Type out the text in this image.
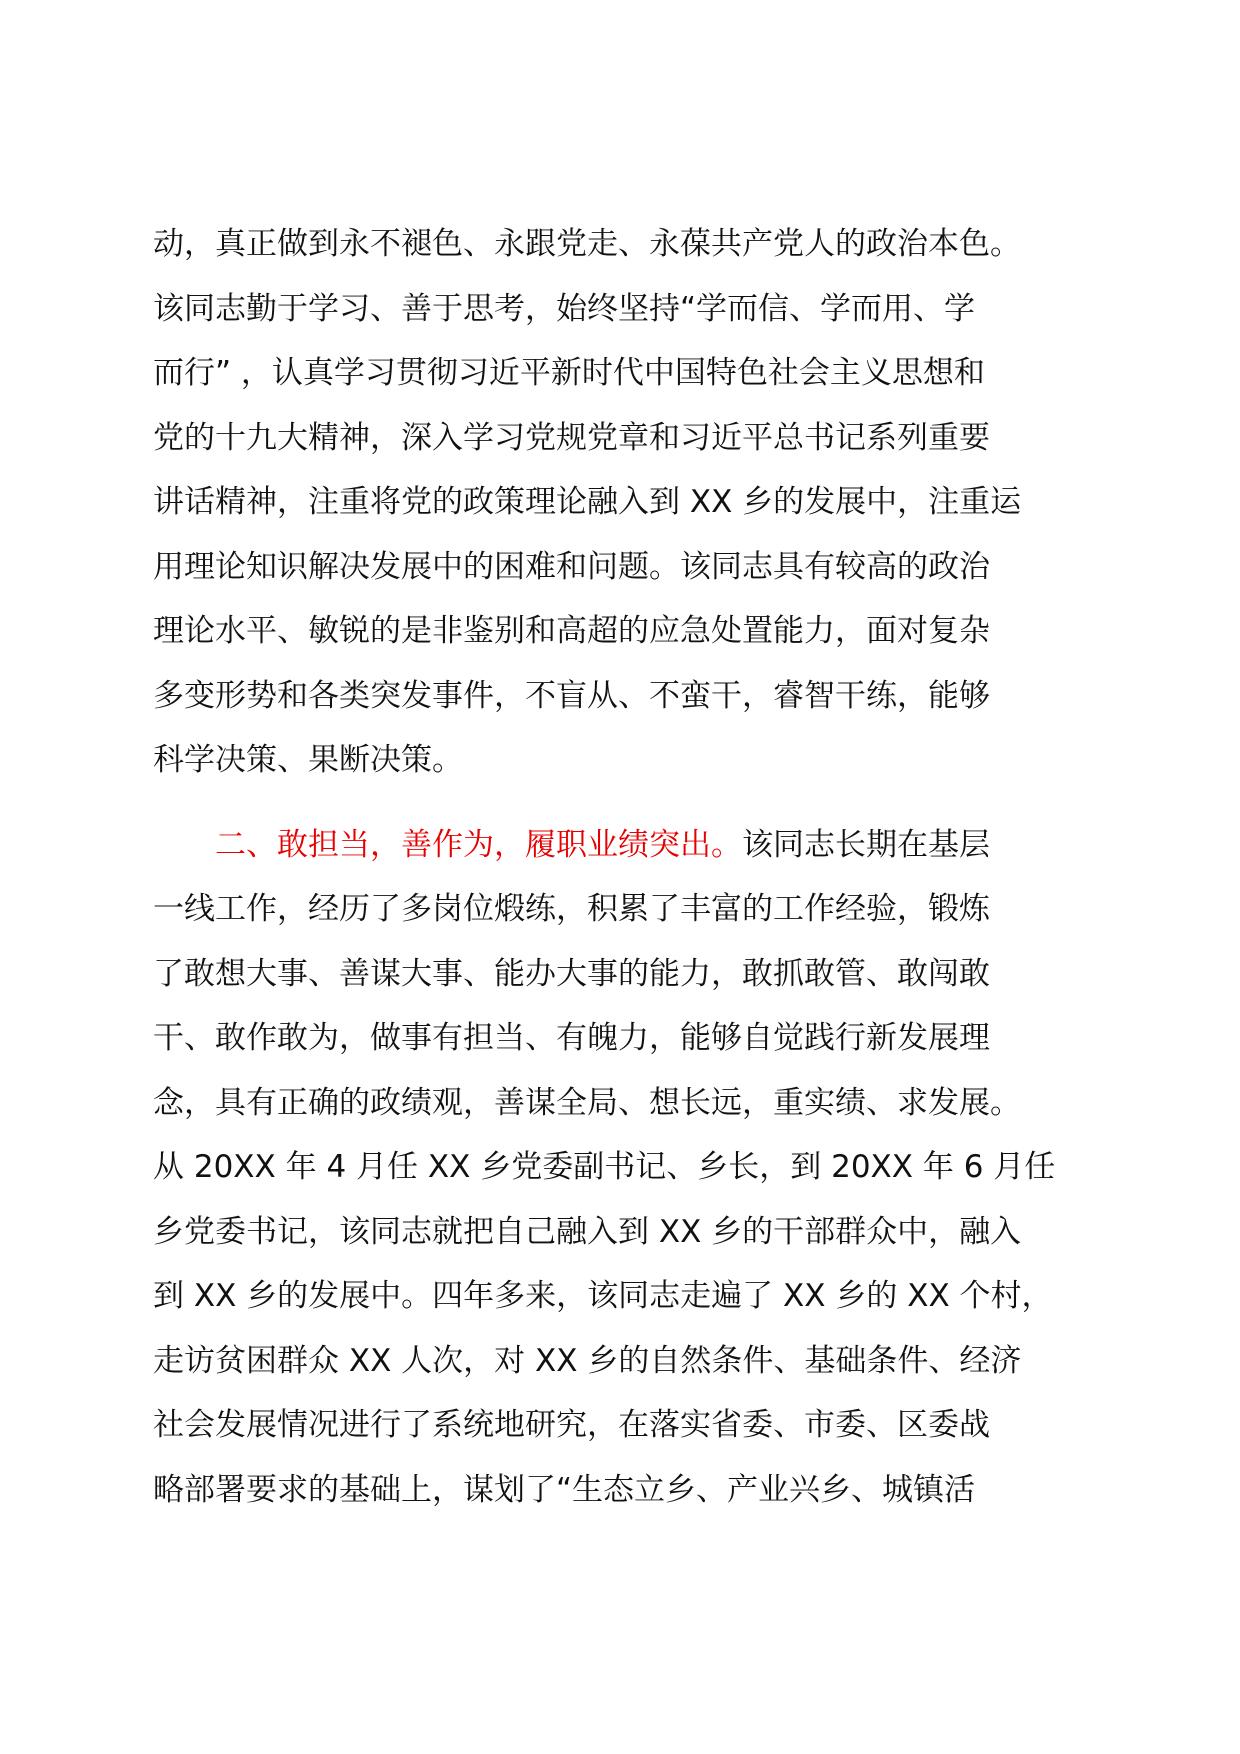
动，真正做到永不褪色、永跟党走、永葆共产党人的政治本色。
该同志勤于学习、善于思考，始终坚持“学而信、学而用、学
而行” ，认真学习贯彻习近平新时代中国特色社会主义思想和
党的十九大精神，深入学习党规党章和习近平总书记系列重要
讲话精神，注重将党的政策理论融入到 XX 乡的发展中，注重运
用理论知识解决发展中的困难和问题。该同志具有较高的政治
理论水平、敏锐的是非鉴别和高超的应急处置能力，面对复杂
多变形势和各类突发事件，不盲从、不蛮干，睿智干练，能够
科学决策、果断决策。
二、敢担当，善作为，履职业绩突出。该同志长期在基层
一线工作，经历了多岗位煅练，积累了丰富的工作经验，锻炼
了敢想大事、善谋大事、能办大事的能力，敢抓敢管、敢闯敢
干、敢作敢为，做事有担当、有魄力，能够自觉践行新发展理
念，具有正确的政绩观，善谋全局、想长远，重实绩、求发展。
从 20XX 年 4 月任 XX 乡党委副书记、乡长，到 20XX 年 6 月任
乡党委书记，该同志就把自己融入到 XX 乡的干部群众中，融入
到 XX 乡的发展中。四年多来，该同志走遍了 XX 乡的 XX 个村，
走访贫困群众 XX 人次，对 XX 乡的自然条件、基础条件、经济
社会发展情况进行了系统地研究，在落实省委、市委、区委战
略部署要求的基础上，谋划了“生态立乡、产业兴乡、城镇活
